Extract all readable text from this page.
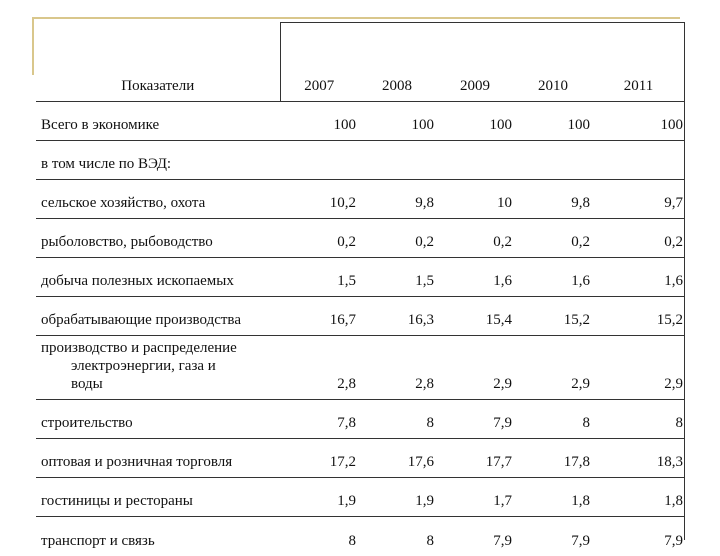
Показатели	2007	2008	2009	2010	2011
Всего в экономике	100	100	100	100	100
в том числе по ВЭД:					
сельское хозяйство, охота	10,2	9,8	10	9,8	9,7
рыболовство, рыбоводство	0,2	0,2	0,2	0,2	0,2
добыча полезных ископаемых	1,5	1,5	1,6	1,6	1,6
обрабатывающие производства	16,7	16,3	15,4	15,2	15,2

производство и распределение
электроэнергии, газа и
воды	2,8	2,8	2,9	2,9	2,9
строительство	7,8	8	7,9	8	8
оптовая и розничная торговля	17,2	17,6	17,7	17,8	18,3
гостиницы и рестораны	1,9	1,9	1,7	1,8	1,8
транспорт и связь	8	8	7,9	7,9	7,9
